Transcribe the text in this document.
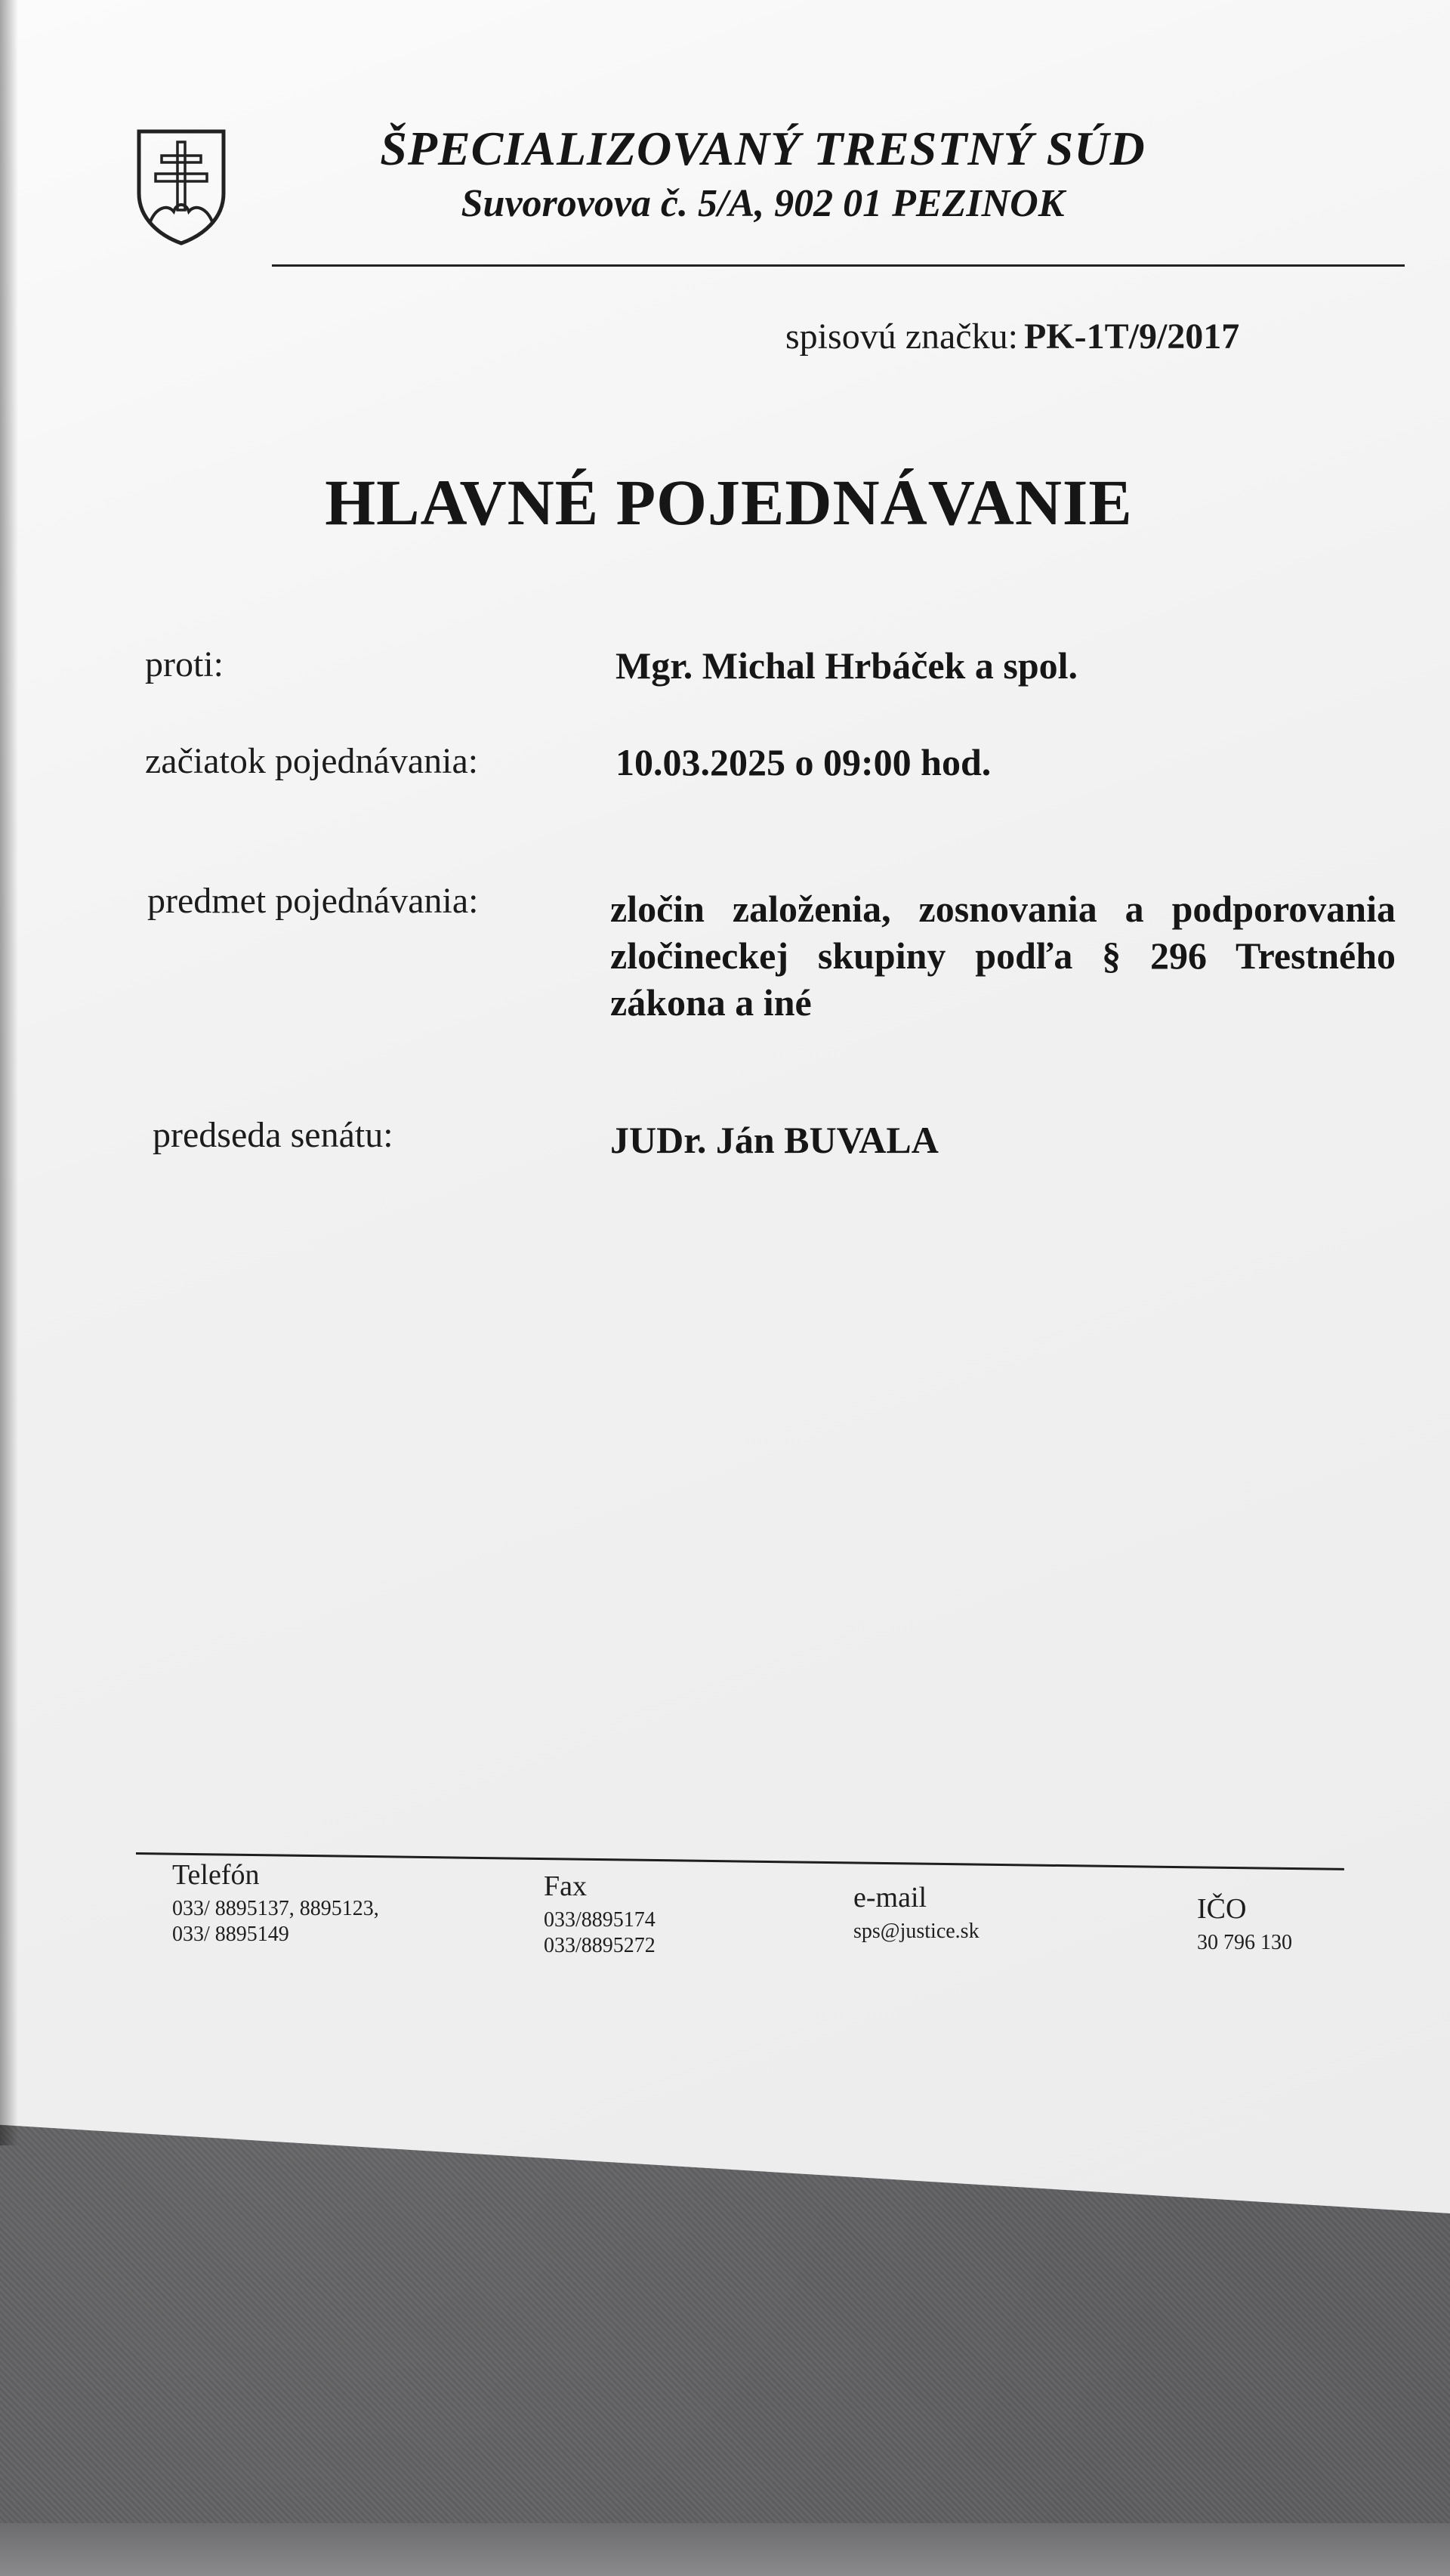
ŠPECIALIZOVANÝ TRESTNÝ SÚD
Suvorovova č. 5/A, 902 01 PEZINOK
spisovú značku: PK-1T/9/2017
HLAVNÉ POJEDNÁVANIE
proti:	Mgr. Michal Hrbáček a spol.
začiatok pojednávania:	10.03.2025 o 09:00 hod.
predmet pojednávania:	zločin založenia, zosnovania a podporovania zločineckej skupiny podľa § 296 Trestného zákona a iné
predseda senátu:	JUDr. Ján BUVALA
Telefón
033/ 8895137, 8895123,
033/ 8895149
Fax
033/8895174
033/8895272
e-mail
sps@justice.sk
IČO
30 796 130
